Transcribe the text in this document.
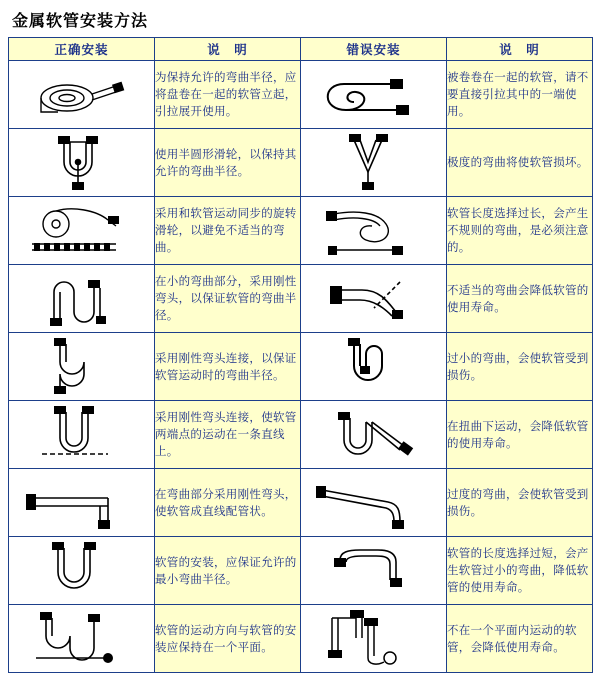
金属软管安装方法
正确安装	说　明	错误安装	说　明

	为保持允许的弯曲半径，应将盘卷在一起的软管立起，引拉展开使用。		被卷卷在一起的软管，请不要直接引拉其中的一端使用。

	使用半圆形滑轮，以保持其允许的弯曲半径。		极度的弯曲将使软管损坏。

	采用和软管运动同步的旋转滑轮，以避免不适当的弯曲。		软管长度选择过长，会产生不规则的弯曲，是必须注意的。

	在小的弯曲部分，采用刚性弯头，以保证软管的弯曲半径。		不适当的弯曲会降低软管的使用寿命。

	采用刚性弯头连接，以保证软管运动时的弯曲半径。		过小的弯曲，会使软管受到损伤。

	采用刚性弯头连接，使软管两端点的运动在一条直线上。		在扭曲下运动，会降低软管的使用寿命。

	在弯曲部分采用刚性弯头，使软管成直线配管状。		过度的弯曲，会使软管受到损伤。

	软管的安装，应保证允许的最小弯曲半径。		软管的长度选择过短，会产生软管过小的弯曲，降低软管的使用寿命。

	软管的运动方向与软管的安装应保持在一个平面。		不在一个平面内运动的软管，会降低使用寿命。
